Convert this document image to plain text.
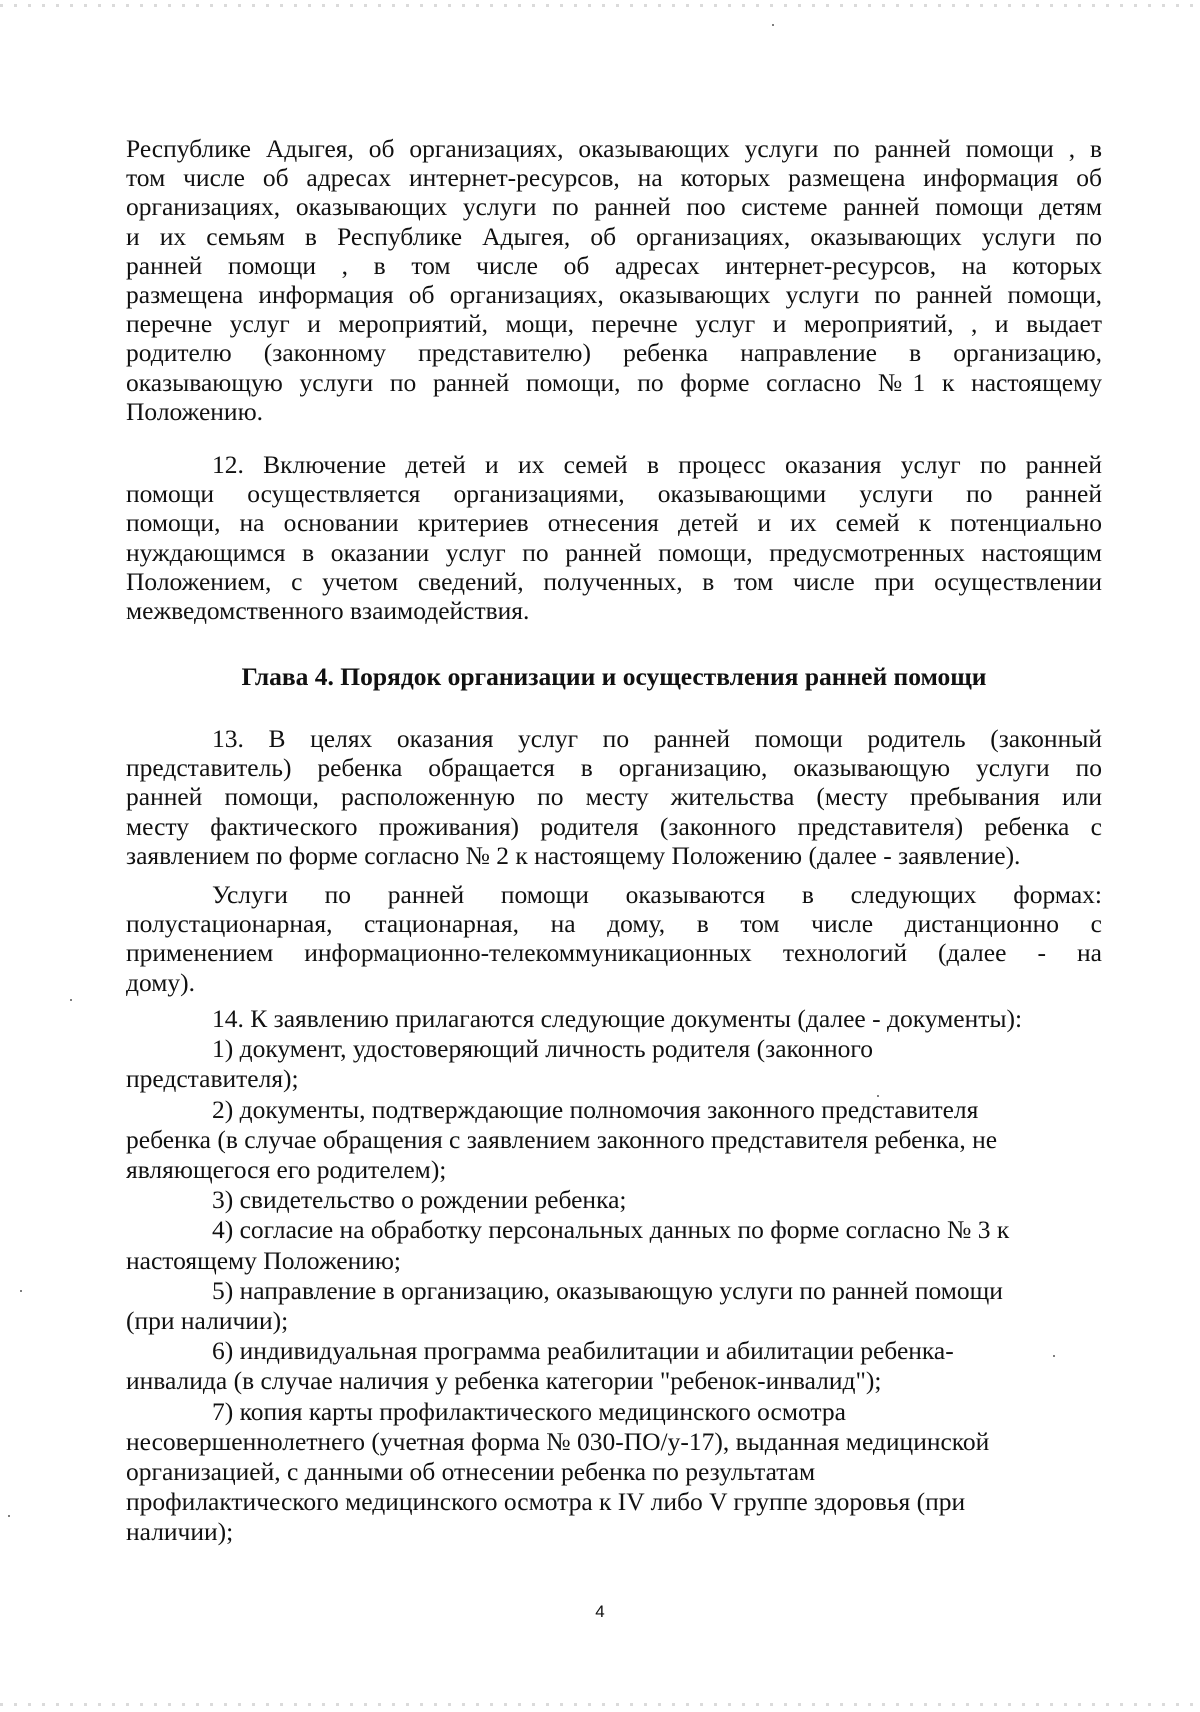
Республике Адыгея, об организациях, оказывающих услуги по ранней помощи , в

том числе об адресах интернет-ресурсов, на которых размещена информация об

организациях, оказывающих услуги по ранней поо системе ранней помощи детям

и их семьям в Республике Адыгея, об организациях, оказывающих услуги по

ранней помощи , в том числе об адресах интернет-ресурсов, на которых

размещена информация об организациях, оказывающих услуги по ранней помощи,

перечне услуг и мероприятий, мощи, перечне услуг и мероприятий, , и выдает

родителю (законному представителю) ребенка направление в организацию,

оказывающую услуги по ранней помощи, по форме согласно №1 к настоящему

Положению.

12. Включение детей и их семей в процесс оказания услуг по ранней

помощи осуществляется организациями, оказывающими услуги по ранней

помощи, на основании критериев отнесения детей и их семей к потенциально

нуждающимся в оказании услуг по ранней помощи, предусмотренных настоящим

Положением, с учетом сведений, полученных, в том числе при осуществлении

межведомственного взаимодействия.

Глава 4. Порядок организации и осуществления ранней помощи

13. В целях оказания услуг по ранней помощи родитель (законный

представитель) ребенка обращается в организацию, оказывающую услуги по

ранней помощи, расположенную по месту жительства (месту пребывания или

месту фактического проживания) родителя (законного представителя) ребенка с

заявлением по форме согласно № 2 к настоящему Положению (далее - заявление).

Услуги по ранней помощи оказываются в следующих формах:

полустационарная, стационарная, на дому, в том числе дистанционно с

применением информационно-телекоммуникационных технологий (далее - на

дому).

14. К заявлению прилагаются следующие документы (далее - документы):

1) документ, удостоверяющий личность родителя (законного

представителя);

2) документы, подтверждающие полномочия законного представителя

ребенка (в случае обращения с заявлением законного представителя ребенка, не

являющегося его родителем);

3) свидетельство о рождении ребенка;

4) согласие на обработку персональных данных по форме согласно № 3 к

настоящему Положению;

5) направление в организацию, оказывающую услуги по ранней помощи

(при наличии);

6) индивидуальная программа реабилитации и абилитации ребенка-

инвалида (в случае наличия у ребенка категории "ребенок-инвалид");

7) копия карты профилактического медицинского осмотра

несовершеннолетнего (учетная форма № 030-ПО/у-17), выданная медицинской

организацией, с данными об отнесении ребенка по результатам

профилактического медицинского осмотра к IV либо V группе здоровья (при

наличии);

4
